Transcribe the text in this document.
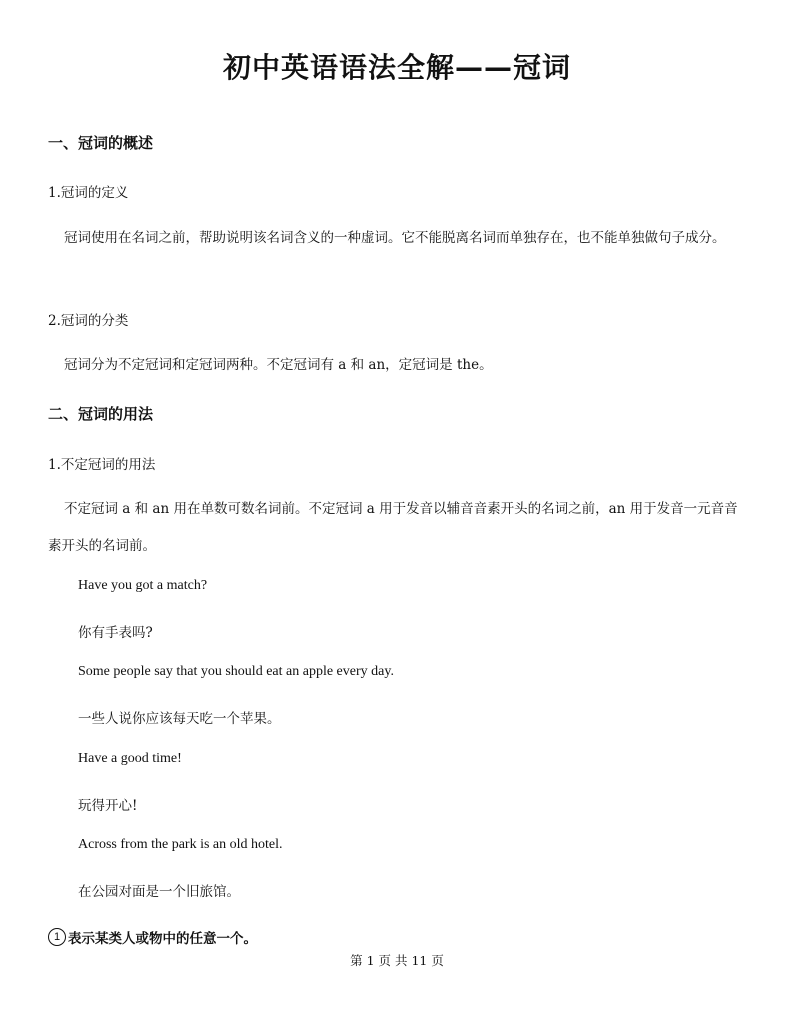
初中英语语法全解——冠词
一、冠词的概述
1.冠词的定义
冠词使用在名词之前，帮助说明该名词含义的一种虚词。它不能脱离名词而单独存在，也不能单独做句子成分。
2.冠词的分类
冠词分为不定冠词和定冠词两种。不定冠词有 a 和 an，定冠词是 the。
二、冠词的用法
1.不定冠词的用法
不定冠词 a 和 an 用在单数可数名词前。不定冠词 a 用于发音以辅音音素开头的名词之前，an 用于发音一元音音素开头的名词前。
Have you got a match?
你有手表吗?
Some people say that you should eat an apple every day.
一些人说你应该每天吃一个苹果。
Have a good time!
玩得开心!
Across from the park is an old hotel.
在公园对面是一个旧旅馆。
1 表示某类人或物中的任意一个。
第 1 页 共 11 页
